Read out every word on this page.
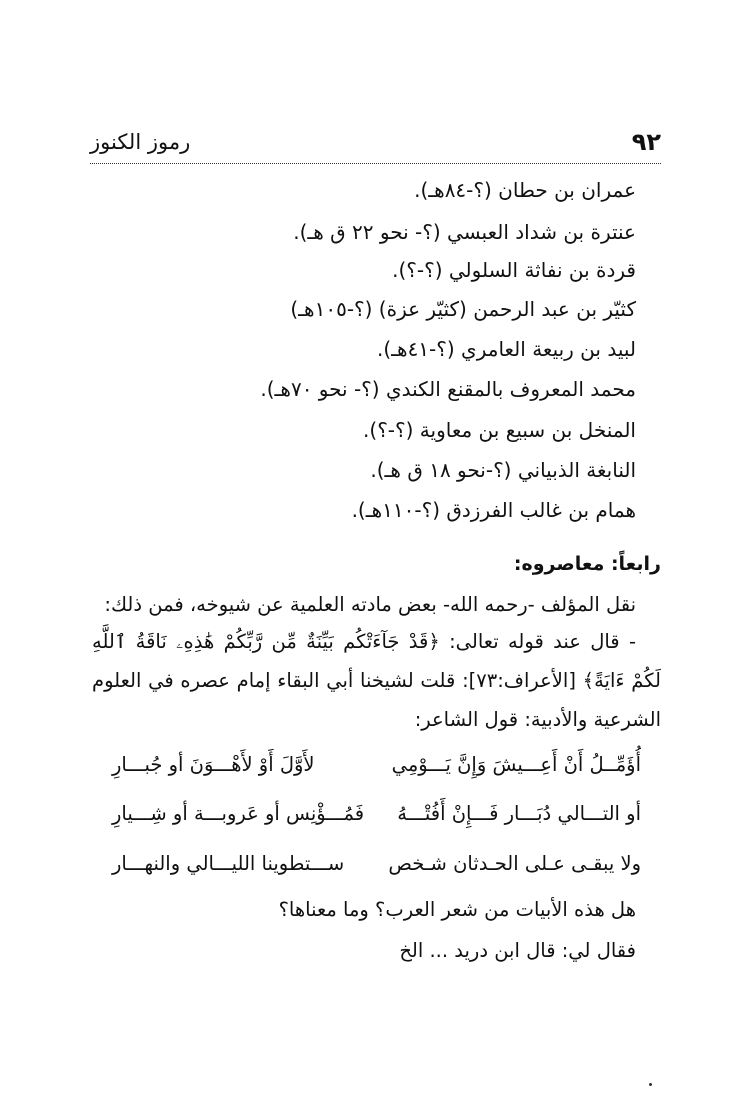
٩٢
رموز الكنوز
عمران بن حطان (؟-٨٤هـ).
عنترة بن شداد العبسي (؟- نحو ٢٢ ق هـ).
قردة بن نفاثة السلولي (؟-؟).
كثيّر بن عبد الرحمن (كثيّر عزة) (؟-١٠٥هـ)
لبيد بن ربيعة العامري (؟-٤١هـ).
محمد المعروف بالمقنع الكندي (؟- نحو ٧٠هـ).
المنخل بن سبيع بن معاوية (؟-؟).
النابغة الذبياني (؟-نحو ١٨ ق هـ).
همام بن غالب الفرزدق (؟-١١٠هـ).
رابعاً: معاصروه:
نقل المؤلف -رحمه الله- بعض مادته العلمية عن شيوخه، فمن ذلك:
- قال عند قوله تعالى: ﴿قَدْ جَآءَتْكُم بَيِّنَةٌ مِّن رَّبِّكُمْ هَٰذِهِۦ نَاقَةُ ٱللَّهِ
لَكُمْ ءَايَةً﴾ [الأعراف:٧٣]: قلت لشيخنا أبي البقاء إمام عصره في العلوم
الشرعية والأدبية: قول الشاعر:
أُؤَمِّــلُ أَنْ أَعِـــيشَ وَإِنَّ يَـــوْمِي
لأَوَّلَ أَوْ لأَهْـــوَنَ أو جُبـــارِ
أو التـــالي دُبَـــار فَـــإِنْ أَفُتْـــهُ
فَمُـــؤْنِس أو عَروبـــة أو شِـــيارِ
ولا يبقـى عـلى الحـدثان شـخص
ســـتطوينا الليـــالي والنهـــار
هل هذه الأبيات من شعر العرب؟ وما معناها؟
فقال لي: قال ابن دريد ... الخ
